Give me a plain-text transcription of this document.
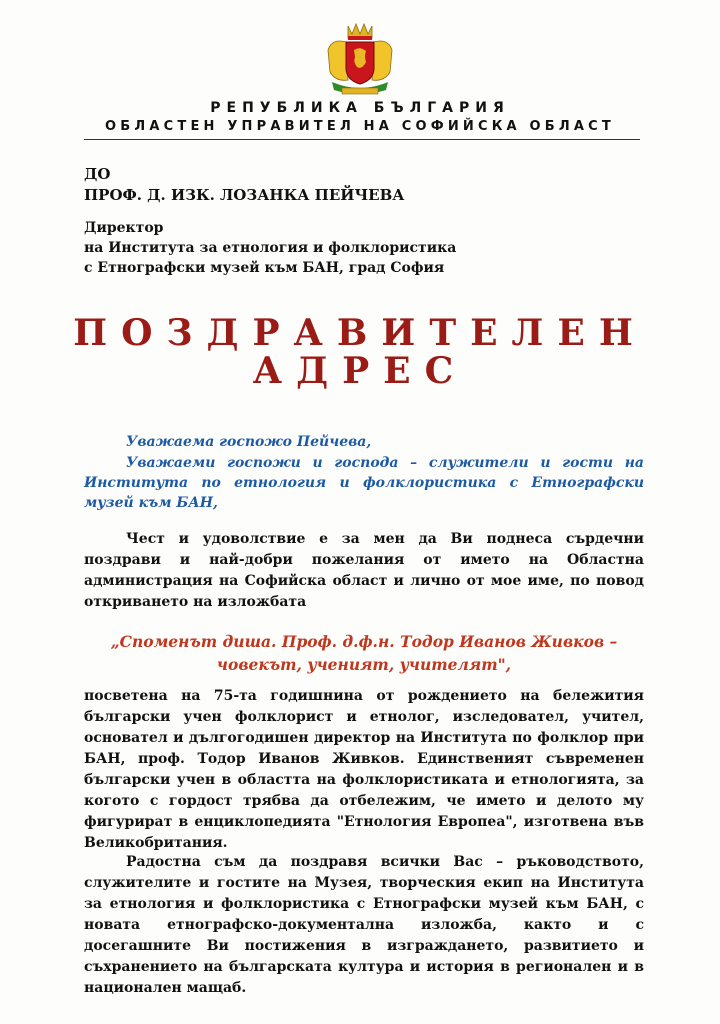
РЕПУБЛИКА БЪЛГАРИЯ
ОБЛАСТЕН УПРАВИТЕЛ НА СОФИЙСКА ОБЛАСТ
ДО
ПРОФ. Д. ИЗК. ЛОЗАНКА ПЕЙЧЕВА
Директор
на Института за етнология и фолклористика
с Етнографски музей към БАН, град София
ПОЗДРАВИТЕЛЕН
АДРЕС
Уважаема госпожо Пейчева,
Уважаеми госпожи и господа – служители и гости на Института по етнология и фолклористика с Етнографски музей към БАН,
Чест и удоволствие е за мен да Ви поднеса сърдечни поздрави и най-добри пожелания от името на Областна администрация на Софийска област и лично от мое име, по повод откриването на изложбата
„Споменът диша. Проф. д.ф.н. Тодор Иванов Живков –
човекът, ученият, учителят",
посветена на 75-та годишнина от рождението на бележития български учен фолклорист и етнолог, изследовател, учител, основател и дългогодишен директор на Института по фолклор при БАН, проф. Тодор Иванов Живков. Единственият съвременен български учен в областта на фолклористиката и етнологията, за когото с гордост трябва да отбележим, че името и делото му фигурират в енциклопедията "Етнология Европеа", изготвена във Великобритания.
Радостна съм да поздравя всички Вас – ръководството, служителите и гостите на Музея, творческия екип на Института за етнология и фолклористика с Етнографски музей към БАН, с новата етнографско-документална изложба, както и с досегашните Ви постижения в изграждането, развитието и съхранението на българската култура и история в регионален и в национален мащаб.
